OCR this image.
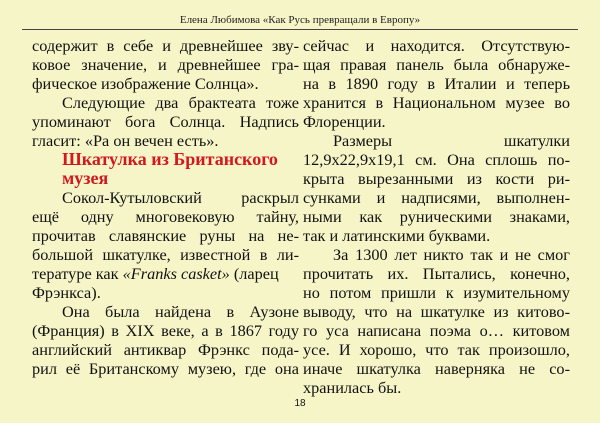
Елена Любимова «Как Русь превращали в Европу»
содержит в себе и древнейшее зву-
ковое значение, и древнейшее гра-
фическое изображение Солнца».
Следующие два брактеата тоже
упоминают бога Солнца. Надпись
гласит: «Ра он вечен есть».
Шкатулка из Британского
музея
Сокол-Кутыловский раскрыл
ещё одну многовековую тайну,
прочитав славянские руны на не-
большой шкатулке, известной в ли-
тературе как «Franks casket» (ларец
Фрэнкса).
Она была найдена в Аузоне
(Франция) в XIX веке, а в 1867 году
английский антиквар Фрэнкс пода-
рил её Британскому музею, где она
сейчас и находится. Отсутствую-
щая правая панель была обнаруже-
на в 1890 году в Италии и теперь
хранится в Национальном музее во
Флоренции.
Размеры	шкатулки
12,9х22,9х19,1 см. Она сплошь по-
крыта вырезанными из кости ри-
сунками и надписями, выполнен-
ными как руническими знаками,
так и латинскими буквами.
За 1300 лет никто так и не смог
прочитать их. Пытались, конечно,
но потом пришли к изумительному
выводу, что на шкатулке из китово-
го уса написана поэма о… китовом
усе. И хорошо, что так произошло,
иначе шкатулка наверняка не со-
хранилась бы.
18
